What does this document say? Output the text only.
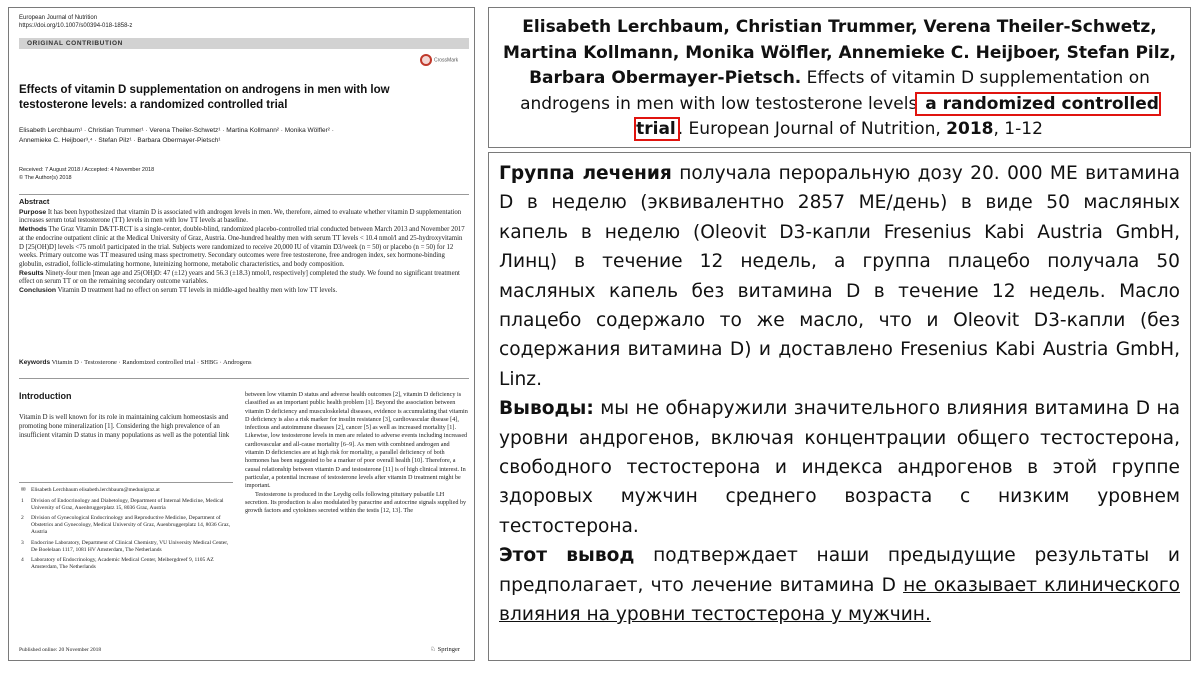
European Journal of Nutrition
https://doi.org/10.1007/s00394-018-1858-z
ORIGINAL CONTRIBUTION
CrossMark
Effects of vitamin D supplementation on androgens in men with low testosterone levels: a randomized controlled trial
Elisabeth Lerchbaum¹ · Christian Trummer¹ · Verena Theiler-Schwetz¹ · Martina Kollmann² · Monika Wölfler² ·
Annemieke C. Heijboer³,⁴ · Stefan Pilz¹ · Barbara Obermayer-Pietsch¹
Received: 7 August 2018 / Accepted: 4 November 2018
© The Author(s) 2018
Abstract
Purpose It has been hypothesized that vitamin D is associated with androgen levels in men. We, therefore, aimed to evaluate whether vitamin D supplementation increases serum total testosterone (TT) levels in men with low TT levels at baseline.
Methods The Graz Vitamin D&TT-RCT is a single-center, double-blind, randomized placebo-controlled trial conducted between March 2013 and November 2017 at the endocrine outpatient clinic at the Medical University of Graz, Austria. One-hundred healthy men with serum TT levels < 10.4 nmol/l and 25-hydroxyvitamin D [25(OH)D] levels <75 nmol/l participated in the trial. Subjects were randomized to receive 20,000 IU of vitamin D3/week (n = 50) or placebo (n = 50) for 12 weeks. Primary outcome was TT measured using mass spectrometry. Secondary outcomes were free testosterone, free androgen index, sex hormone-binding globulin, estradiol, follicle-stimulating hormone, luteinizing hormone, metabolic characteristics, and body composition.
Results Ninety-four men [mean age and 25(OH)D: 47 (±12) years and 56.3 (±18.3) nmol/l, respectively] completed the study. We found no significant treatment effect on serum TT or on the remaining secondary outcome variables.
Conclusion Vitamin D treatment had no effect on serum TT levels in middle-aged healthy men with low TT levels.
Keywords Vitamin D · Testosterone · Randomized controlled trial · SHBG · Androgens
Introduction
Vitamin D is well known for its role in maintaining calcium homeostasis and promoting bone mineralization [1]. Considering the high prevalence of an insufficient vitamin D status in many populations as well as the potential link
between low vitamin D status and adverse health outcomes [2], vitamin D deficiency is classified as an important public health problem [1]. Beyond the association between vitamin D deficiency and musculoskeletal diseases, evidence is accumulating that vitamin D deficiency is also a risk marker for insulin resistance [3], cardiovascular disease [4], infectious and autoimmune diseases [2], cancer [5] as well as increased mortality [1]. Likewise, low testosterone levels in men are related to adverse events including increased cardiovascular and all-cause mortality [6–9]. As men with combined androgen and vitamin D deficiencies are at high risk for mortality, a parallel deficiency of both hormones has been suggested to be a marker of poor overall health [10]. Therefore, a causal relationship between vitamin D and testosterone [11] is of high clinical interest. In particular, a potential increase of testosterone levels after vitamin D treatment might be important.
Testosterone is produced in the Leydig cells following pituitary pulsatile LH secretion. Its production is also modulated by paracrine and autocrine signals supplied by growth factors and cytokines secreted within the testis [12, 13]. The
✉ Elisabeth Lerchbaum elisabeth.lerchbaum@medunigraz.at
1 Division of Endocrinology and Diabetology, Department of Internal Medicine, Medical University of Graz, Auenbruggerplatz 15, 8036 Graz, Austria
2 Division of Gynecological Endocrinology and Reproductive Medicine, Department of Obstetrics and Gynecology, Medical University of Graz, Auenbruggerplatz 14, 8036 Graz, Austria
3 Endocrine Laboratory, Department of Clinical Chemistry, VU University Medical Center, De Boelelaan 1117, 1081 HV Amsterdam, The Netherlands
4 Laboratory of Endocrinology, Academic Medical Center, Meibergdreef 9, 1105 AZ Amsterdam, The Netherlands
Published online: 20 November 2018	♘ Springer
Elisabeth Lerchbaum, Christian Trummer, Verena Theiler-Schwetz, Martina Kollmann, Monika Wölfler, Annemieke C. Heijboer, Stefan Pilz, Barbara Obermayer-Pietsch. Effects of vitamin D supplementation on androgens in men with low testosterone levels a randomized controlled trial . European Journal of Nutrition, 2018, 1-12

Группа лечения получала пероральную дозу 20. 000 МЕ витамина D в неделю (эквивалентно 2857 МЕ/день) в виде 50 масляных капель в неделю (Oleovit D3-капли Fresenius Kabi Austria GmbH, Линц) в течение 12 недель, а группа плацебо получала 50 масляных капель без витамина D в течение 12 недель. Масло плацебо содержало то же масло, что и Oleovit D3-капли (без содержания витамина D) и доставлено Fresenius Kabi Austria GmbH, Linz.

Выводы: мы не обнаружили значительного влияния витамина D на уровни андрогенов, включая концентрации общего тестостерона, свободного тестостерона и индекса андрогенов в этой группе здоровых мужчин среднего возраста с низким уровнем тестостерона.

Этот вывод подтверждает наши предыдущие результаты и предполагает, что лечение витамина D не оказывает клинического влияния на уровни тестостерона у мужчин.
